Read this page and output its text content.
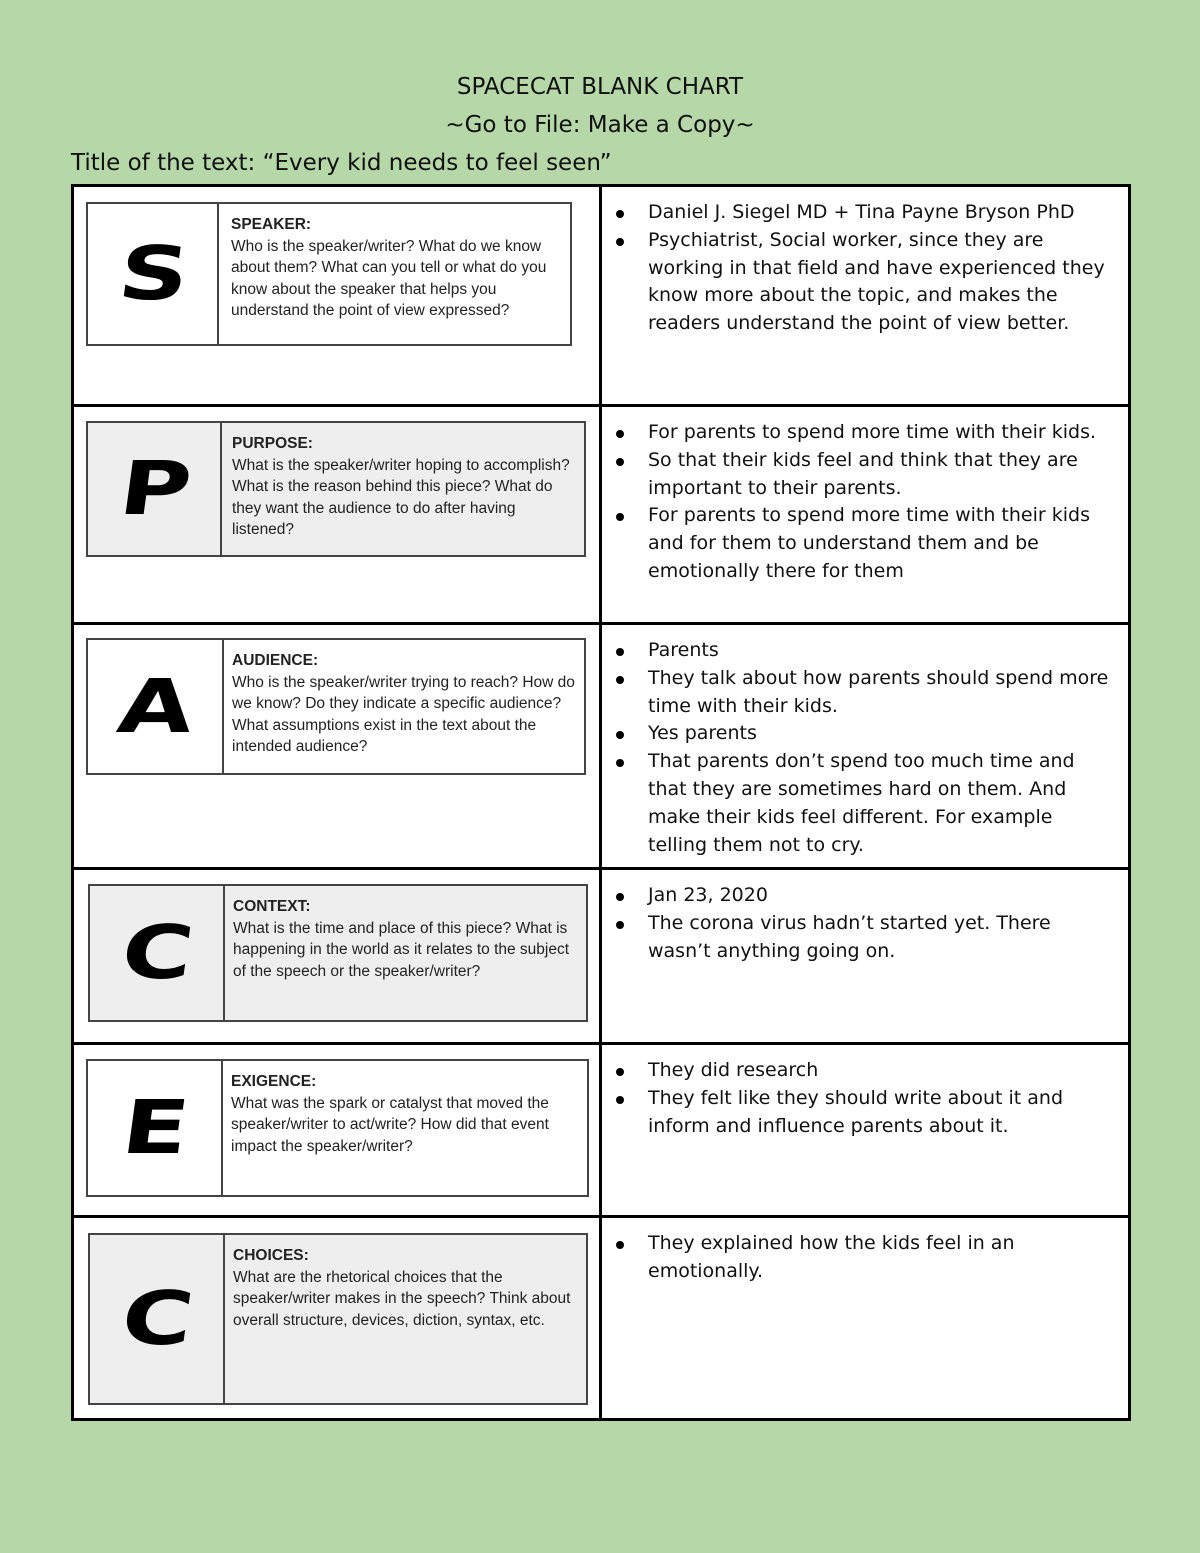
SPACECAT BLANK CHART
~Go to File: Make a Copy~
Title of the text: “Every kid needs to feel seen”
S
SPEAKER:
Who is the speaker/writer? What do we know about them? What can you tell or what do you know about the speaker that helps you understand the point of view expressed?
Daniel J. Siegel MD + Tina Payne Bryson PhD
Psychiatrist, Social worker, since they are working in that field and have experienced they know more about the topic, and makes the readers understand the point of view better.
P
PURPOSE:
What is the speaker/writer hoping to accomplish? What is the reason behind this piece? What do they want the audience to do after having listened?
For parents to spend more time with their kids.
So that their kids feel and think that they are important to their parents.
For parents to spend more time with their kids and for them to understand them and be emotionally there for them
A
AUDIENCE:
Who is the speaker/writer trying to reach? How do we know? Do they indicate a specific audience? What assumptions exist in the text about the intended audience?
Parents
They talk about how parents should spend more time with their kids.
Yes parents
That parents don’t spend too much time and that they are sometimes hard on them. And make their kids feel different. For example telling them not to cry.
C
CONTEXT:
What is the time and place of this piece? What is happening in the world as it relates to the subject of the speech or the speaker/writer?
Jan 23, 2020
The corona virus hadn’t started yet. There wasn’t anything going on.
E
EXIGENCE:
What was the spark or catalyst that moved the speaker/writer to act/write? How did that event impact the speaker/writer?
They did research
They felt like they should write about it and inform and influence parents about it.
C
CHOICES:
What are the rhetorical choices that the speaker/writer makes in the speech? Think about overall structure, devices, diction, syntax, etc.
They explained how the kids feel in an emotionally.
